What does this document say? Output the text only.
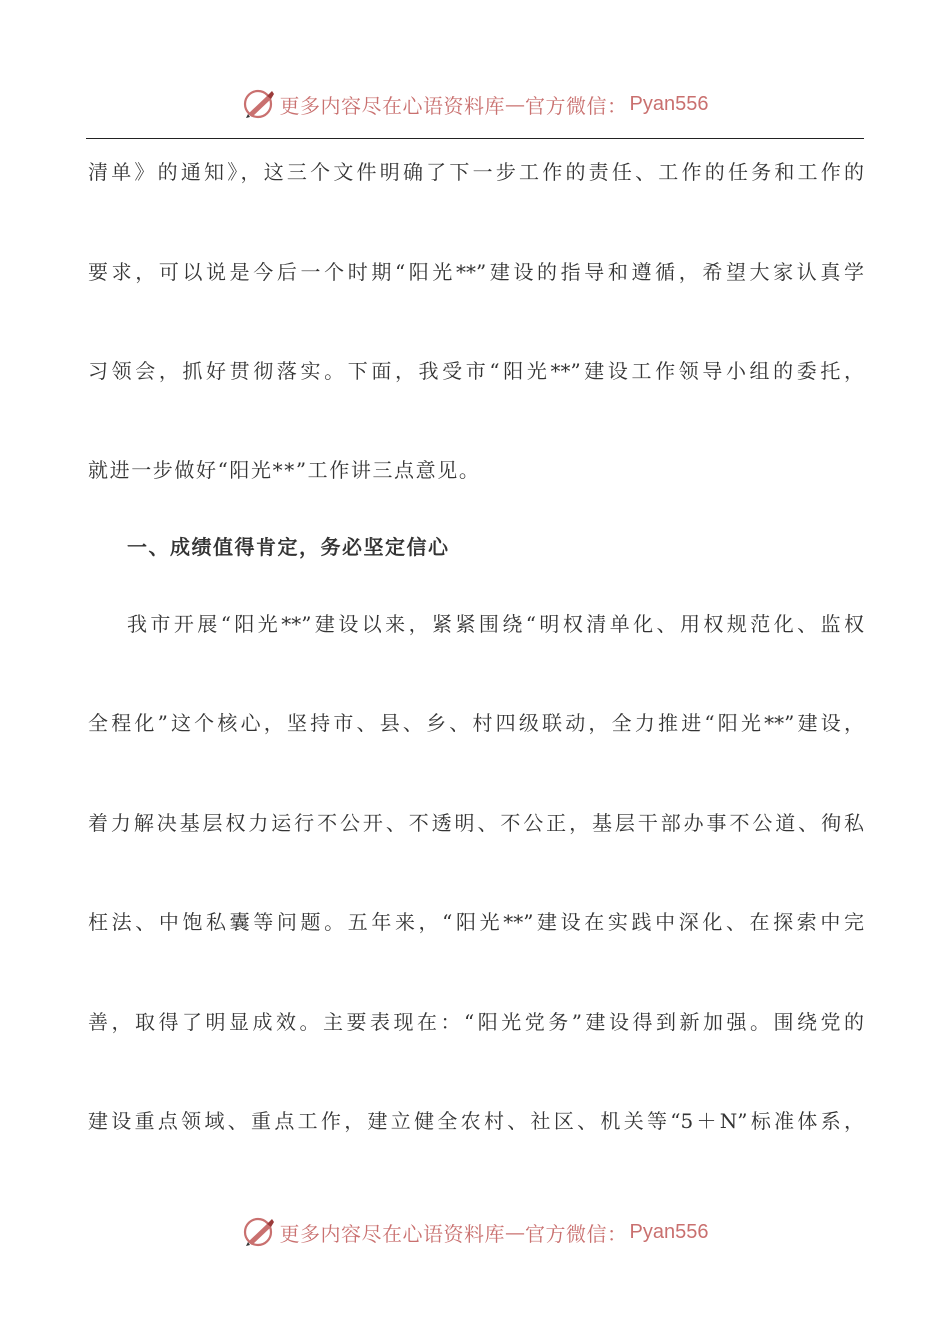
更多内容尽在心语资料库 — 官方微信： Pyan556
清单》的通知》，这三个文件明确了下一步工作的责任、工作的任务和工作的
要求，可以说是今后一个时期“阳光**”建设的指导和遵循，希望大家认真学
习领会，抓好贯彻落实。下面，我受市“阳光**”建设工作领导小组的委托，
就进一步做好“阳光**”工作讲三点意见。
一、成绩值得肯定，务必坚定信心
我市开展“阳光**”建设以来，紧紧围绕“明权清单化、用权规范化、监权
全程化”这个核心，坚持市、县、乡、村四级联动，全力推进“阳光**”建设，
着力解决基层权力运行不公开、不透明、不公正，基层干部办事不公道、徇私
枉法、中饱私囊等问题。五年来，“阳光**”建设在实践中深化、在探索中完
善，取得了明显成效。主要表现在：“阳光党务”建设得到新加强。围绕党的
建设重点领域、重点工作，建立健全农村、社区、机关等“5＋N”标准体系，
更多内容尽在心语资料库 — 官方微信： Pyan556
